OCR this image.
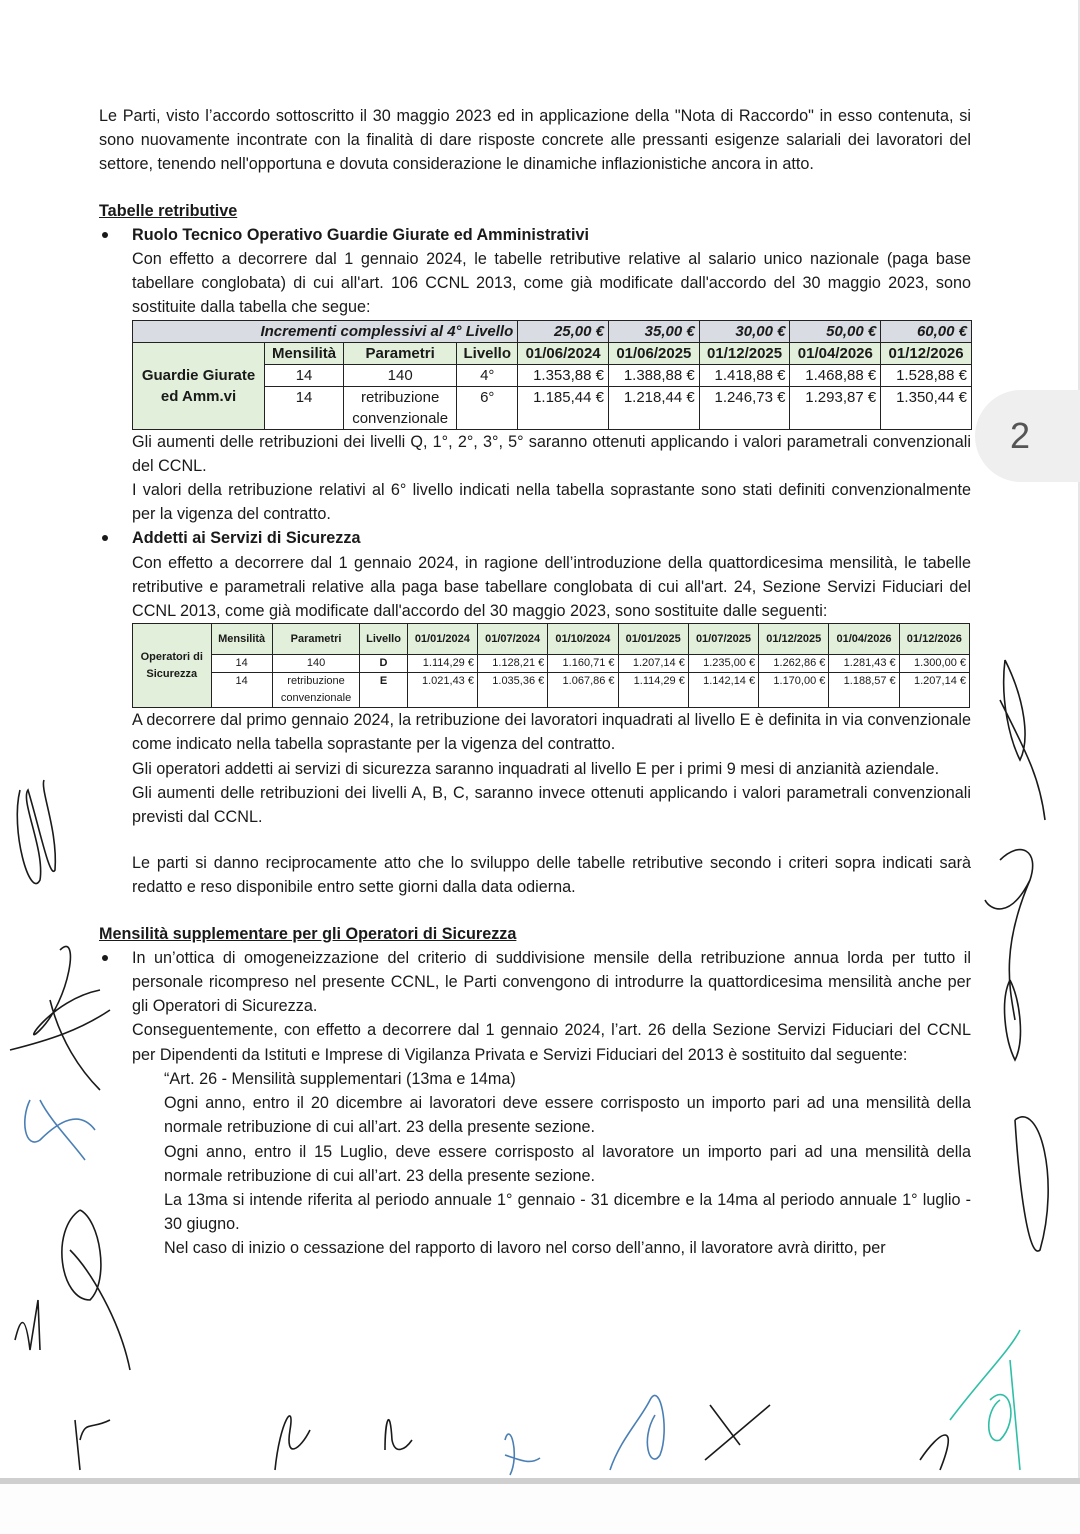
Le Parti, visto l’accordo sottoscritto il 30 maggio 2023 ed in applicazione della "Nota di Raccordo" in esso contenuta, si sono nuovamente incontrate con la finalità di dare risposte concrete alle pressanti esigenze salariali dei lavoratori del settore, tenendo nell'opportuna e dovuta considerazione le dinamiche inflazionistiche ancora in atto.

Tabelle retributive

Ruolo Tecnico Operativo Guardie Giurate ed Amministrativi

Con effetto a decorrere dal 1 gennaio 2024, le tabelle retributive relative al salario unico nazionale (paga base tabellare conglobata) di cui all'art. 106 CCNL 2013, come già modificate dall'accordo del 30 maggio 2023, sono sostituite dalla tabella che segue:

Incrementi complessivi al 4° Livello				25,00 €	35,00 €	30,00 €	50,00 €	60,00 €

Guardie Giurate
ed Amm.vi	Mensilità	Parametri	Livello	01/06/2024	01/06/2025	01/12/2025	01/04/2026	01/12/2026
	14	140	4°	1.353,88 €	1.388,88 €	1.418,88 €	1.468,88 €	1.528,88 €
	14	retribuzione
convenzionale	6°	1.185,44 €	1.218,44 €	1.246,73 €	1.293,87 €	1.350,44 €

Gli aumenti delle retribuzioni dei livelli Q, 1°, 2°, 3°, 5° saranno ottenuti applicando i valori parametrali convenzionali del CCNL.

I valori della retribuzione relativi al 6° livello indicati nella tabella soprastante sono stati definiti convenzionalmente per la vigenza del contratto.

Addetti ai Servizi di Sicurezza

Con effetto a decorrere dal 1 gennaio 2024, in ragione dell’introduzione della quattordicesima mensilità, le tabelle retributive e parametrali relative alla paga base tabellare conglobata di cui all'art. 24, Sezione Servizi Fiduciari del CCNL 2013, come già modificate dall'accordo del 30 maggio 2023, sono sostituite dalle seguenti:

Operatori di
Sicurezza	Mensilità	Parametri	Livello	01/01/2024	01/07/2024	01/10/2024	01/01/2025	01/07/2025	01/12/2025	01/04/2026	01/12/2026
	14	140	D	1.114,29 €	1.128,21 €	1.160,71 €	1.207,14 €	1.235,00 €	1.262,86 €	1.281,43 €	1.300,00 €
	14	retribuzione
convenzionale	E	1.021,43 €	1.035,36 €	1.067,86 €	1.114,29 €	1.142,14 €	1.170,00 €	1.188,57 €	1.207,14 €

A decorrere dal primo gennaio 2024, la retribuzione dei lavoratori inquadrati al livello E è definita in via convenzionale come indicato nella tabella soprastante per la vigenza del contratto.

Gli operatori addetti ai servizi di sicurezza saranno inquadrati al livello E per i primi 9 mesi di anzianità aziendale.

Gli aumenti delle retribuzioni dei livelli A, B, C, saranno invece ottenuti applicando i valori parametrali convenzionali previsti dal CCNL.

Le parti si danno reciprocamente atto che lo sviluppo delle tabelle retributive secondo i criteri sopra indicati sarà redatto e reso disponibile entro sette giorni dalla data odierna.

Mensilità supplementare per gli Operatori di Sicurezza

In un’ottica di omogeneizzazione del criterio di suddivisione mensile della retribuzione annua lorda per tutto il personale ricompreso nel presente CCNL, le Parti convengono di introdurre la quattordicesima mensilità anche per gli Operatori di Sicurezza.

Conseguentemente, con effetto a decorrere dal 1 gennaio 2024, l’art. 26 della Sezione Servizi Fiduciari del CCNL per Dipendenti da Istituti e Imprese di Vigilanza Privata e Servizi Fiduciari del 2013 è sostituito dal seguente:

“Art. 26 - Mensilità supplementari (13ma e 14ma)

Ogni anno, entro il 20 dicembre ai lavoratori deve essere corrisposto un importo pari ad una mensilità della normale retribuzione di cui all’art. 23 della presente sezione.

Ogni anno, entro il 15 Luglio, deve essere corrisposto al lavoratore un importo pari ad una mensilità della normale retribuzione di cui all’art. 23 della presente sezione.

La 13ma si intende riferita al periodo annuale 1° gennaio - 31 dicembre e la 14ma al periodo annuale 1° luglio - 30 giugno.

Nel caso di inizio o cessazione del rapporto di lavoro nel corso dell’anno, il lavoratore avrà diritto, per

2
